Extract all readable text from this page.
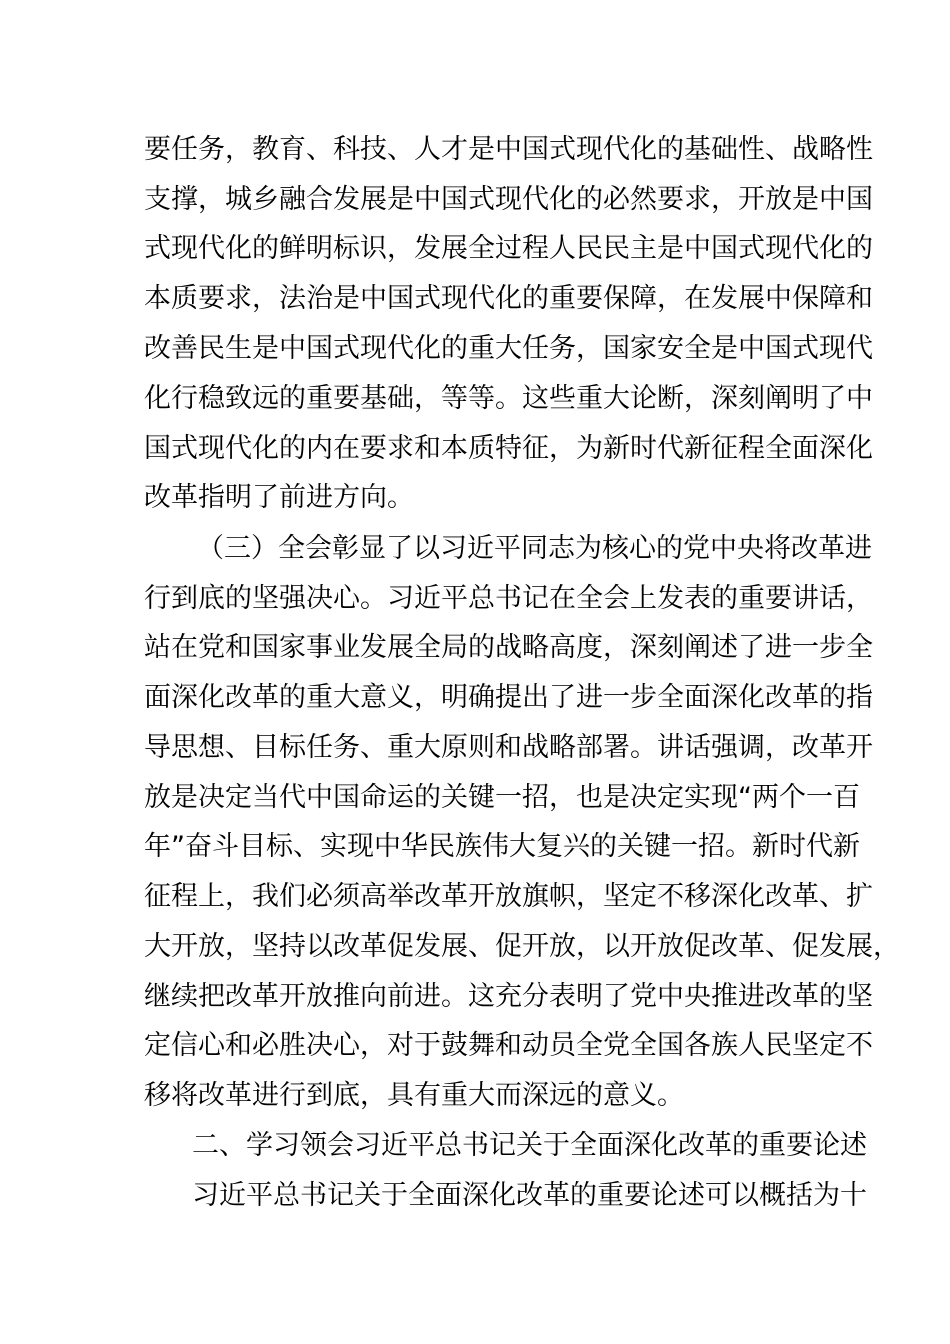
要任务，教育、科技、人才是中国式现代化的基础性、战略性
支撑，城乡融合发展是中国式现代化的必然要求，开放是中国
式现代化的鲜明标识，发展全过程人民民主是中国式现代化的
本质要求，法治是中国式现代化的重要保障，在发展中保障和
改善民生是中国式现代化的重大任务，国家安全是中国式现代
化行稳致远的重要基础，等等。这些重大论断，深刻阐明了中
国式现代化的内在要求和本质特征，为新时代新征程全面深化
改革指明了前进方向。
（三）全会彰显了以习近平同志为核心的党中央将改革进
行到底的坚强决心。习近平总书记在全会上发表的重要讲话，
站在党和国家事业发展全局的战略高度，深刻阐述了进一步全
面深化改革的重大意义，明确提出了进一步全面深化改革的指
导思想、目标任务、重大原则和战略部署。讲话强调，改革开
放是决定当代中国命运的关键一招，也是决定实现“两个一百
年”奋斗目标、实现中华民族伟大复兴的关键一招。新时代新
征程上，我们必须高举改革开放旗帜，坚定不移深化改革、扩
大开放，坚持以改革促发展、促开放，以开放促改革、促发展，
继续把改革开放推向前进。这充分表明了党中央推进改革的坚
定信心和必胜决心，对于鼓舞和动员全党全国各族人民坚定不
移将改革进行到底，具有重大而深远的意义。
二、学习领会习近平总书记关于全面深化改革的重要论述
习近平总书记关于全面深化改革的重要论述可以概括为十
